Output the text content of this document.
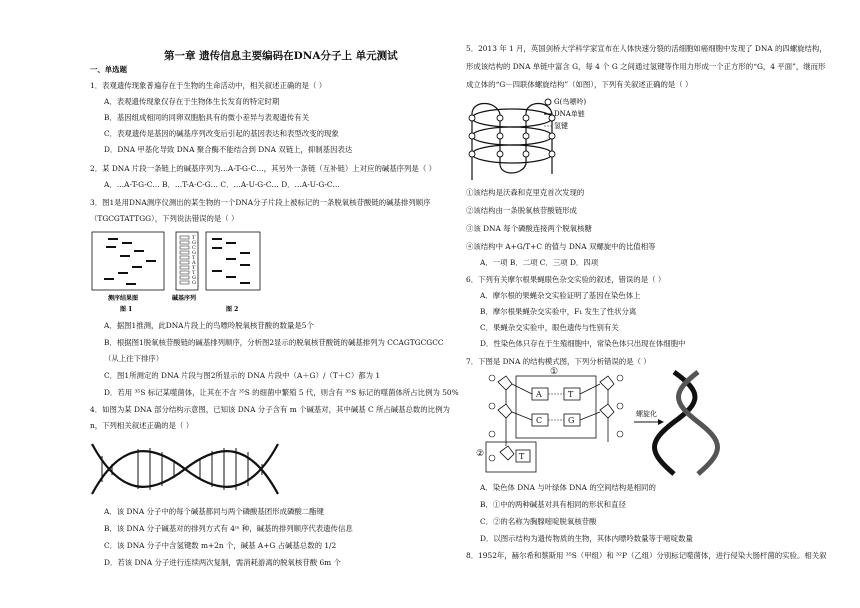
第一章 遗传信息主要编码在DNA分子上 单元测试
一、单选题
1．表观遗传现象普遍存在于生物的生命活动中，相关叙述正确的是（ ）
A．表观遗传现象仅存在于生物体生长发育的特定时期
B．基因组成相同的同卵双胞胎具有的微小差异与表观遗传有关
C．表观遗传是基因的碱基序列改变后引起的基因表达和表型改变的现象
D．DNA 甲基化导致 DNA 聚合酶不能结合到 DNA 双链上，抑制基因表达
2．某 DNA 片段一条链上的碱基序列为…A-T-G-C…，其另外一条链（互补链）上对应的碱基序列是（ ）
A．…A-T-G-C… B．…T-A-C-G… C．…A-U-G-C… D．…A-U-G-C…
3．图1是用DNA测序仪测出的某生物的一个DNA分子片段上被标记的一条脱氧核苷酸链的碱基排列顺序
（TGCGTATTGG），下列说法错误的是（ ）
T
G
C
G
T
A
T
T
G
G
测序结果图	碱基序列
图 1	图 2
A．据图1推测，此DNA片段上的鸟嘌呤脱氧核苷酸的数量是5个
B．根据图1脱氧核苷酸链的碱基排列顺序，分析图2显示的脱氧核苷酸链的碱基排列为 CCAGTGCGCC
（从上往下排序）
C．图1所测定的 DNA 片段与图2所显示的 DNA 片段中（A＋G）/（T＋C）都为 1
D．若用 ³⁵S 标记某噬菌体，让其在不含 ³⁵S 的细菌中繁殖 5 代，则含有 ³⁵S 标记的噬菌体所占比例为 50%
4．如图为某 DNA 部分结构示意图，已知该 DNA 分子含有 m 个碱基对，其中碱基 C 所占碱基总数的比例为
n，下列相关叙述正确的是（ ）
A．该 DNA 分子中的每个碱基都同与两个磷酸基团形成磷酸二酯键
B．该 DNA 分子碱基对的排列方式有 4ᵐ 种，碱基的排列顺序代表遗传信息
C．该 DNA 分子中含氢键数 m+2n 个，碱基 A+G 占碱基总数的 1/2
D．若该 DNA 分子进行连续两次复制，需消耗游离的脱氧核苷酸 6m 个
5．2013 年 1 月，英国剑桥大学科学家宣布在人体快速分裂的活细胞如癌细胞中发现了 DNA 的四螺旋结构，
形成该结构的 DNA 单链中富含 G，每 4 个 G 之间通过氢键等作用力形成一个正方形的“G，4 平面”，继而形
成立体的“G－四联体螺旋结构”（如图），下列有关叙述正确的是（ ）
G(鸟嘌呤)
DNA单链
氢键
①该结构是沃森和克里克首次发现的
②该结构由一条脱氧核苷酸链形成
③该 DNA 每个磷酸连接两个脱氧核糖
④该结构中 A+G/T+C 的值与 DNA 双螺旋中的比值相等
A．一项 B．二项 C．三项 D．四项
6．下列有关摩尔根果蝇眼色杂交实验的叙述，错误的是（ ）
A．摩尔根的果蝇杂交实验证明了基因在染色体上
B．摩尔根果蝇杂交实验中，F₁ 发生了性状分离
C．果蝇杂交实验中，眼色遗传与性别有关
D．性染色体只存在于生殖细胞中，常染色体只出现在体细胞中
7．下图是 DNA 的结构模式图，下列分析错误的是（ ）
A	T
C	G
T
①
②
螺旋化
A．染色体 DNA 与叶绿体 DNA 的空间结构是相同的
B．①中的两种碱基对具有相同的形状和直径
C．②的名称为胸腺嘧啶脱氧核苷酸
D．以图示结构为遗传物质的生物，其体内嘌呤数量等于嘧啶数量
8．1952年，赫尔希和蔡斯用 ³⁵S（甲组）和 ³²P（乙组）分别标记噬菌体，进行侵染大肠杆菌的实验。相关叙
